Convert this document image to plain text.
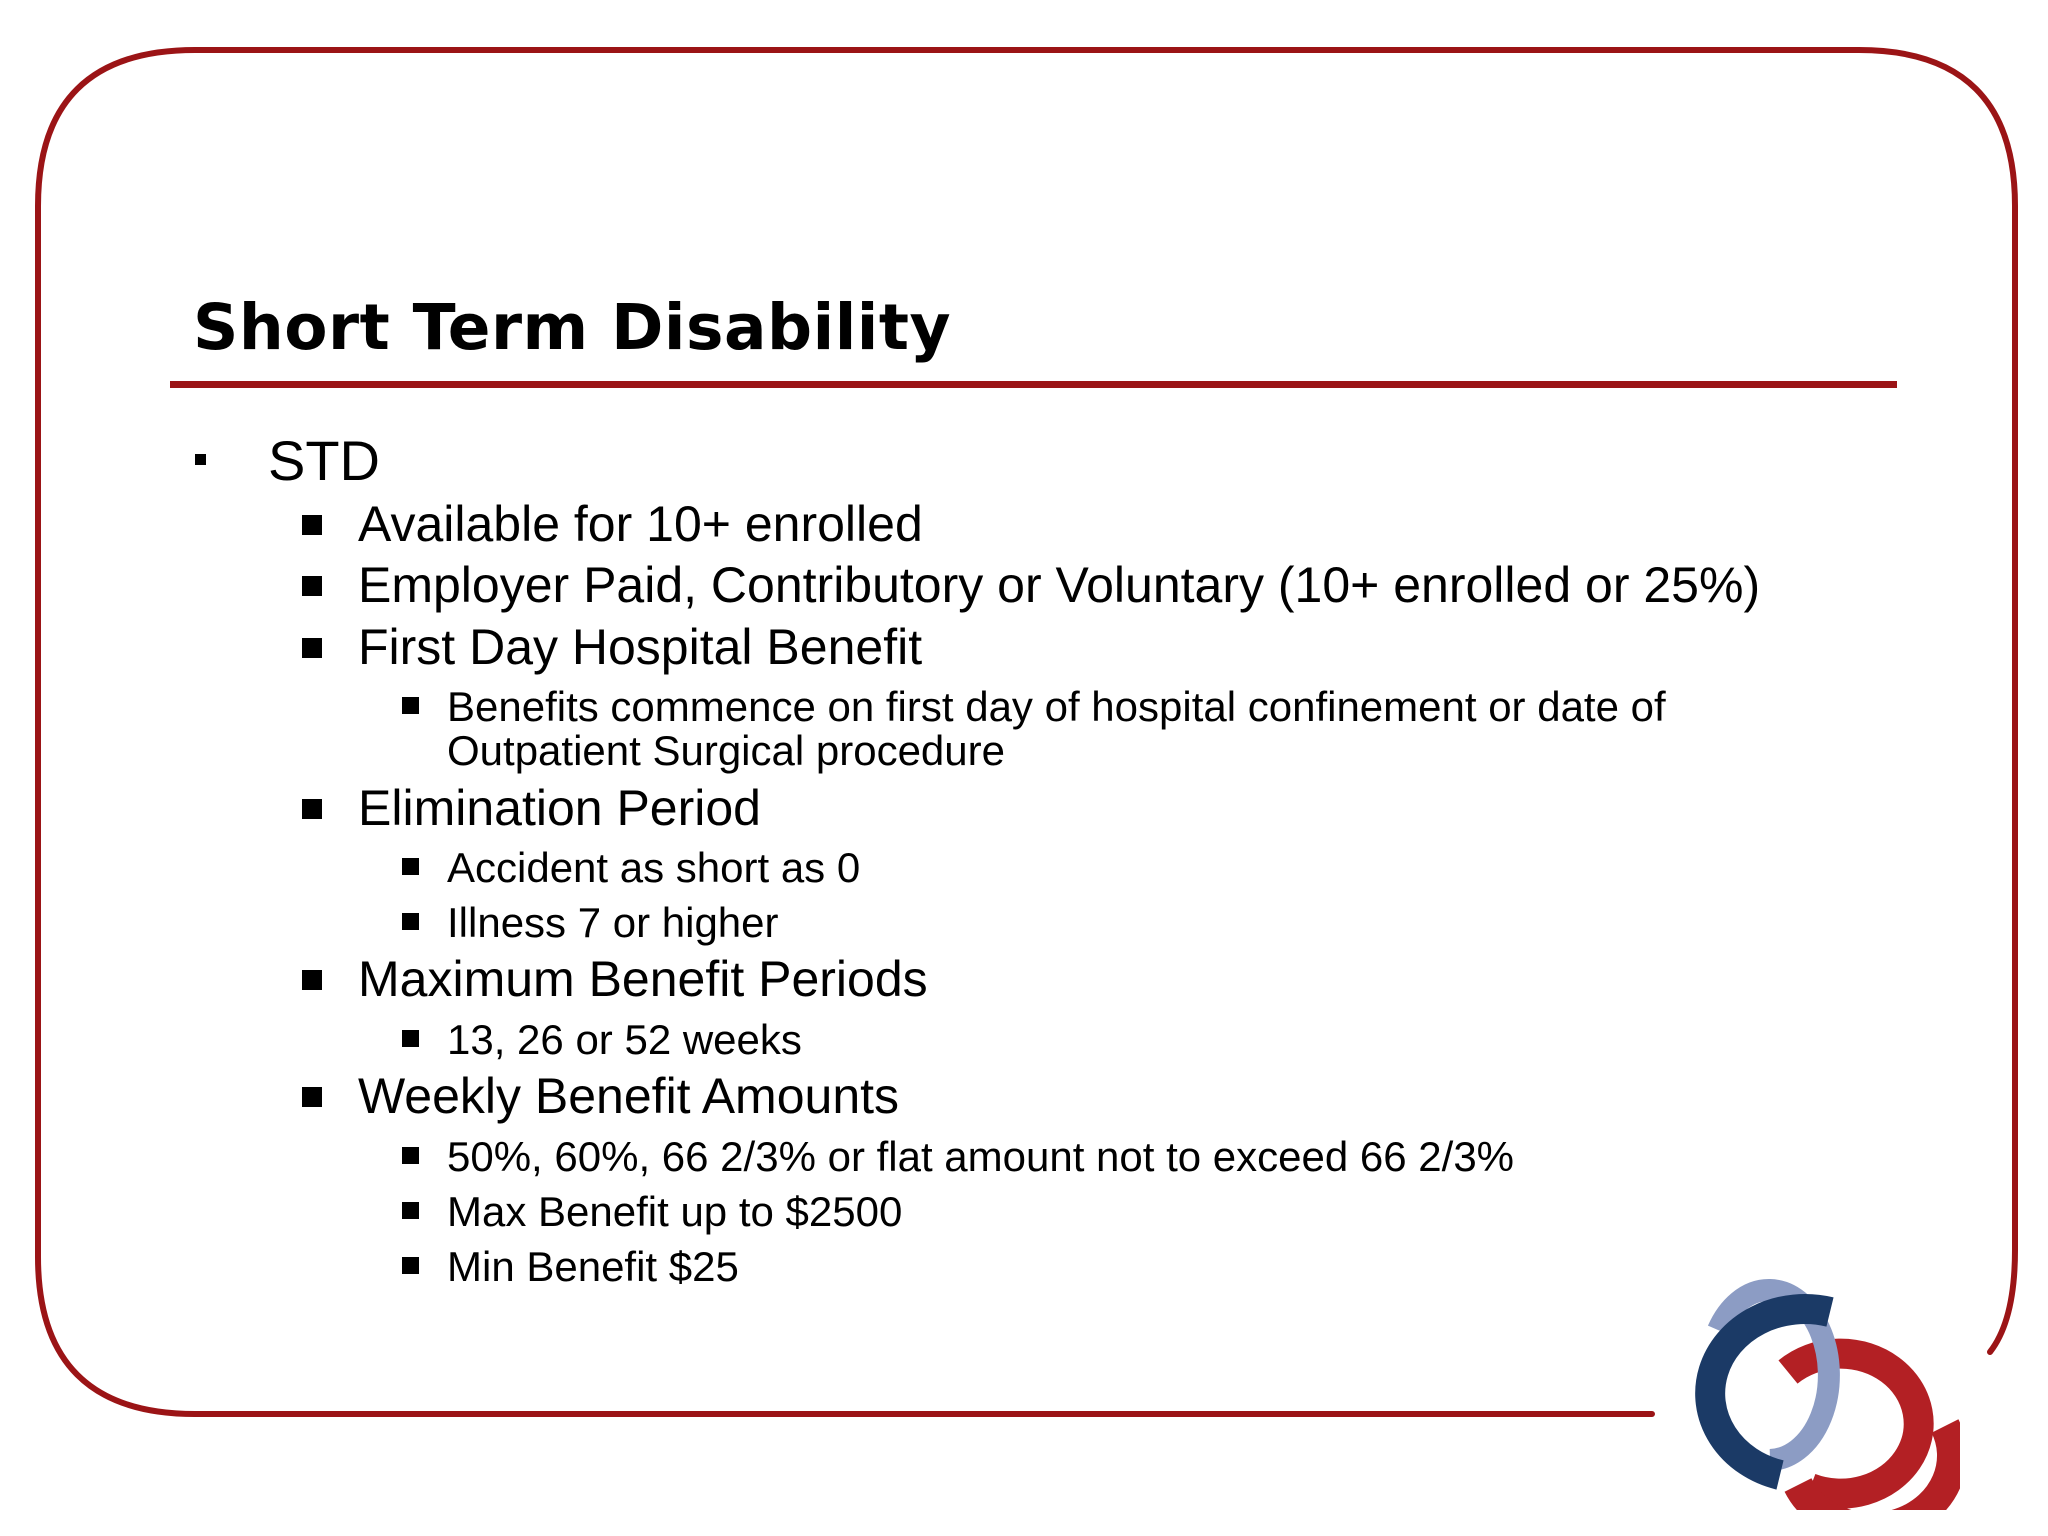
Short Term Disability
STD
Available for 10+ enrolled
Employer Paid, Contributory or Voluntary (10+ enrolled or 25%)
First Day Hospital Benefit
Benefits commence on first day of hospital confinement or date of
Outpatient Surgical procedure
Elimination Period
Accident as short as 0
Illness 7 or higher
Maximum Benefit Periods
13, 26 or 52 weeks
Weekly Benefit Amounts
50%, 60%, 66 2/3% or flat amount not to exceed 66 2/3%
Max Benefit up to $2500
Min Benefit $25
